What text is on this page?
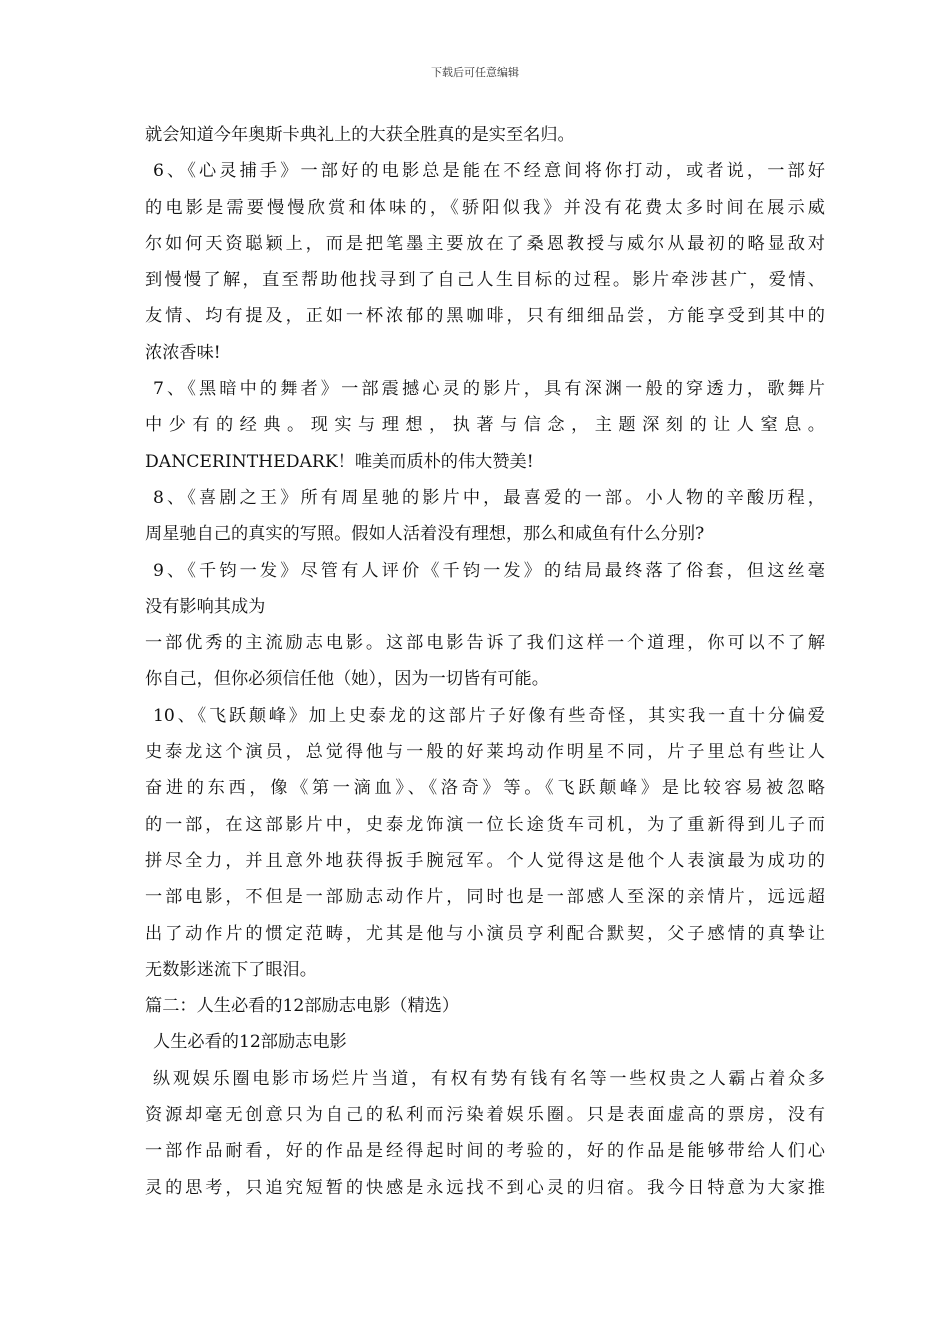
下载后可任意编辑
就会知道今年奥斯卡典礼上的大获全胜真的是实至名归。
6、《心灵捕手》一部好的电影总是能在不经意间将你打动，或者说，一部好
的电影是需要慢慢欣赏和体味的，《骄阳似我》并没有花费太多时间在展示威
尔如何天资聪颖上，而是把笔墨主要放在了桑恩教授与威尔从最初的略显敌对
到慢慢了解，直至帮助他找寻到了自己人生目标的过程。影片牵涉甚广，爱情、
友情、均有提及，正如一杯浓郁的黑咖啡，只有细细品尝，方能享受到其中的
浓浓香味!
7、《黑暗中的舞者》一部震撼心灵的影片，具有深渊一般的穿透力，歌舞片
中少有的经典。现实与理想，执著与信念，主题深刻的让人窒息。
DANCERINTHEDARK！唯美而质朴的伟大赞美!
8、《喜剧之王》所有周星驰的影片中，最喜爱的一部。小人物的辛酸历程，
周星驰自己的真实的写照。假如人活着没有理想，那么和咸鱼有什么分别?
9、《千钧一发》尽管有人评价《千钧一发》的结局最终落了俗套，但这丝毫
没有影响其成为
一部优秀的主流励志电影。这部电影告诉了我们这样一个道理，你可以不了解
你自己，但你必须信任他（她），因为一切皆有可能。
10、《飞跃颠峰》加上史泰龙的这部片子好像有些奇怪，其实我一直十分偏爱
史泰龙这个演员，总觉得他与一般的好莱坞动作明星不同，片子里总有些让人
奋进的东西，像《第一滴血》、《洛奇》等。《飞跃颠峰》是比较容易被忽略
的一部，在这部影片中，史泰龙饰演一位长途货车司机，为了重新得到儿子而
拼尽全力，并且意外地获得扳手腕冠军。个人觉得这是他个人表演最为成功的
一部电影，不但是一部励志动作片，同时也是一部感人至深的亲情片，远远超
出了动作片的惯定范畴，尤其是他与小演员亨利配合默契，父子感情的真挚让
无数影迷流下了眼泪。
篇二：人生必看的12部励志电影（精选）
人生必看的12部励志电影
纵观娱乐圈电影市场烂片当道，有权有势有钱有名等一些权贵之人霸占着众多
资源却毫无创意只为自己的私利而污染着娱乐圈。只是表面虚高的票房，没有
一部作品耐看，好的作品是经得起时间的考验的，好的作品是能够带给人们心
灵的思考，只追究短暂的快感是永远找不到心灵的归宿。我今日特意为大家推
